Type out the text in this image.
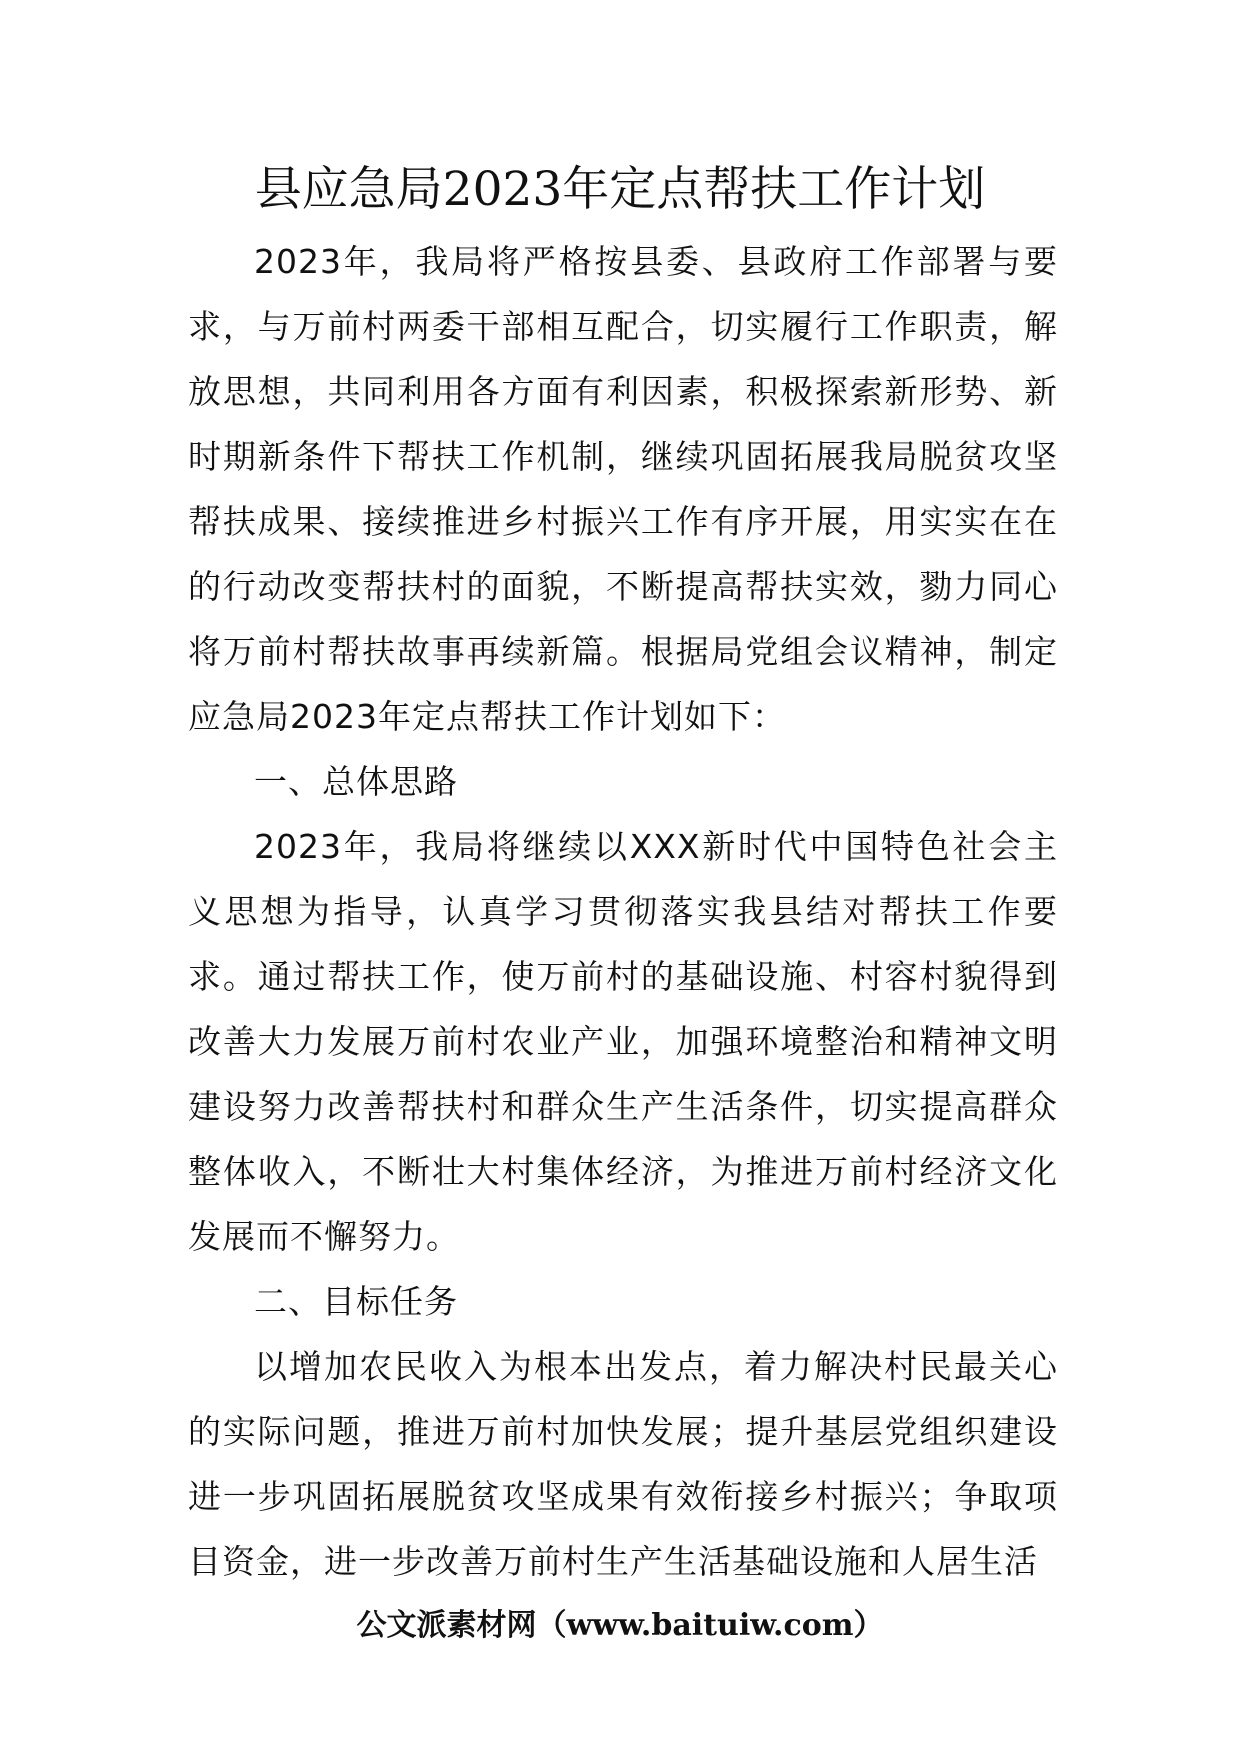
县应急局2023年定点帮扶工作计划

2023年，我局将严格按县委、县政府工作部署与要求，与万前村两委干部相互配合，切实履行工作职责，解放思想，共同利用各方面有利因素，积极探索新形势、新时期新条件下帮扶工作机制，继续巩固拓展我局脱贫攻坚帮扶成果、接续推进乡村振兴工作有序开展，用实实在在的行动改变帮扶村的面貌，不断提高帮扶实效，勠力同心将万前村帮扶故事再续新篇。根据局党组会议精神，制定应急局2023年定点帮扶工作计划如下：

一、总体思路

2023年，我局将继续以XXX新时代中国特色社会主义思想为指导，认真学习贯彻落实我县结对帮扶工作要求。通过帮扶工作，使万前村的基础设施、村容村貌得到改善大力发展万前村农业产业，加强环境整治和精神文明建设努力改善帮扶村和群众生产生活条件，切实提高群众整体收入，不断壮大村集体经济，为推进万前村经济文化发展而不懈努力。

二、目标任务

以增加农民收入为根本出发点，着力解决村民最关心的实际问题，推进万前村加快发展；提升基层党组织建设进一步巩固拓展脱贫攻坚成果有效衔接乡村振兴；争取项目资金，进一步改善万前村生产生活基础设施和人居生活

公文派素材网（www.baituiw.com）
